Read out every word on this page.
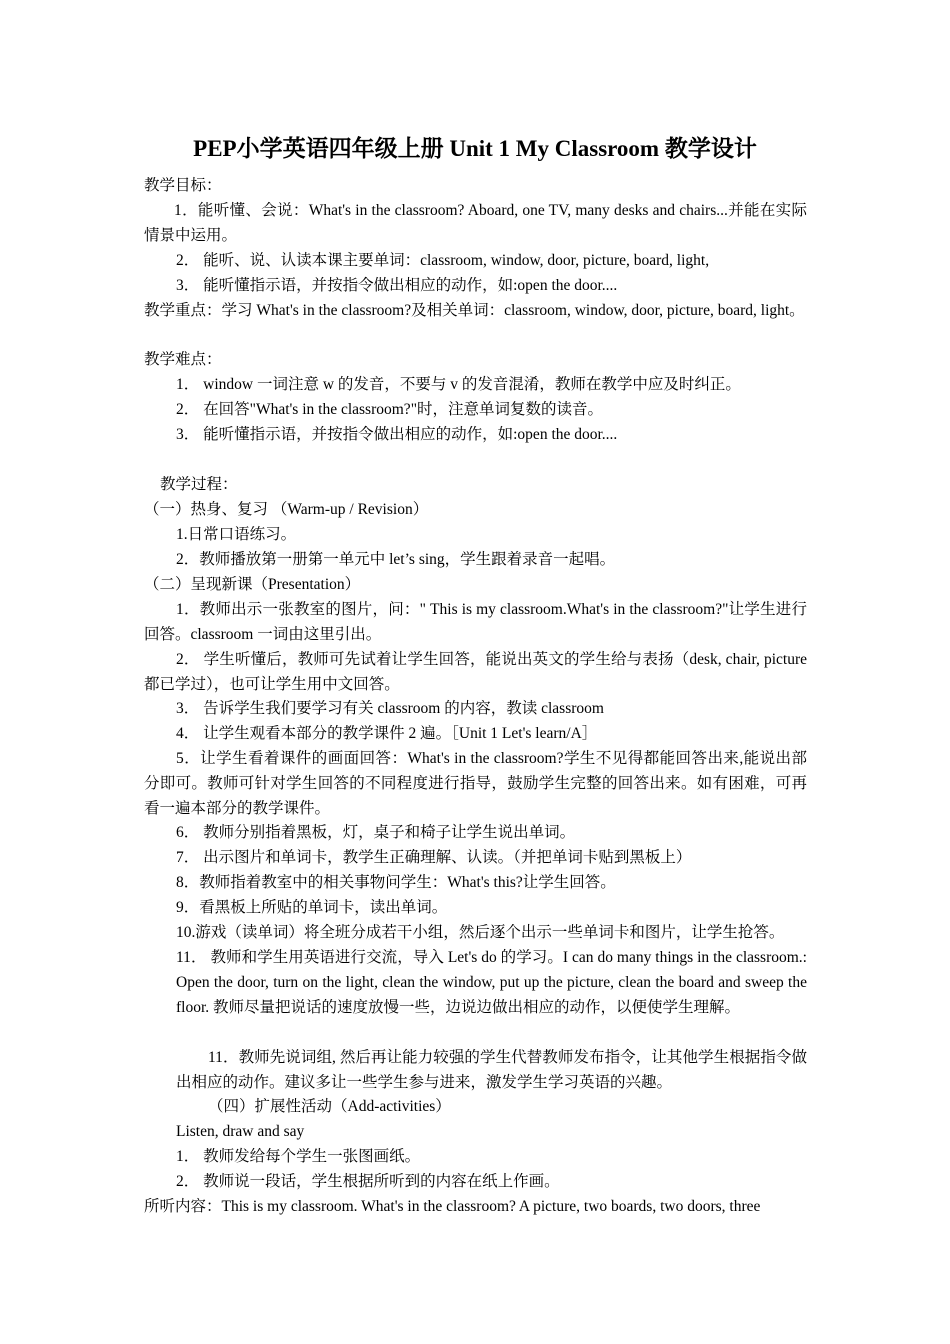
PEP小学英语四年级上册 Unit 1 My Classroom 教学设计
教学目标：
1．能听懂、会说：What's in the classroom? Aboard, one TV, many desks and chairs...并能在实际情景中运用。
2． 能听、说、认读本课主要单词：classroom, window, door, picture, board, light,
3． 能听懂指示语，并按指令做出相应的动作，如:open the door....
教学重点：学习 What's in the classroom?及相关单词：classroom, window, door, picture, board, light。
教学难点：
1． window 一词注意 w 的发音，不要与 v 的发音混淆，教师在教学中应及时纠正。
2． 在回答"What's in the classroom?"时，注意单词复数的读音。
3． 能听懂指示语，并按指令做出相应的动作，如:open the door....
教学过程：
（一）热身、复习 （Warm-up / Revision）
1.日常口语练习。
2．教师播放第一册第一单元中 let’s sing，学生跟着录音一起唱。
（二）呈现新课（Presentation）
1．教师出示一张教室的图片，问：" This is my classroom.What's in the classroom?"让学生进行回答。classroom 一词由这里引出。
2． 学生听懂后，教师可先试着让学生回答，能说出英文的学生给与表扬（desk, chair, picture 都已学过），也可让学生用中文回答。
3． 告诉学生我们要学习有关 classroom 的内容，教读 classroom
4． 让学生观看本部分的教学课件 2 遍。［Unit 1 Let's learn/A］
5．让学生看着课件的画面回答：What's in the classroom?学生不见得都能回答出来,能说出部分即可。教师可针对学生回答的不同程度进行指导，鼓励学生完整的回答出来。如有困难，可再看一遍本部分的教学课件。
6． 教师分别指着黑板，灯，桌子和椅子让学生说出单词。
7． 出示图片和单词卡，教学生正确理解、认读。（并把单词卡贴到黑板上）
8．教师指着教室中的相关事物问学生：What's this?让学生回答。
9．看黑板上所贴的单词卡，读出单词。
10.游戏（读单词）将全班分成若干小组，然后逐个出示一些单词卡和图片，让学生抢答。
11． 教师和学生用英语进行交流，导入 Let's do 的学习。I can do many things in the classroom.: Open the door, turn on the light, clean the window, put up the picture, clean the board and sweep the floor. 教师尽量把说话的速度放慢一些，边说边做出相应的动作，以便使学生理解。
11．教师先说词组, 然后再让能力较强的学生代替教师发布指令，让其他学生根据指令做出相应的动作。建议多让一些学生参与进来，激发学生学习英语的兴趣。
（四）扩展性活动（Add-activities）
Listen, draw and say
1． 教师发给每个学生一张图画纸。
2． 教师说一段话，学生根据所听到的内容在纸上作画。
所听内容：This is my classroom. What's in the classroom? A picture, two boards, two doors, three
